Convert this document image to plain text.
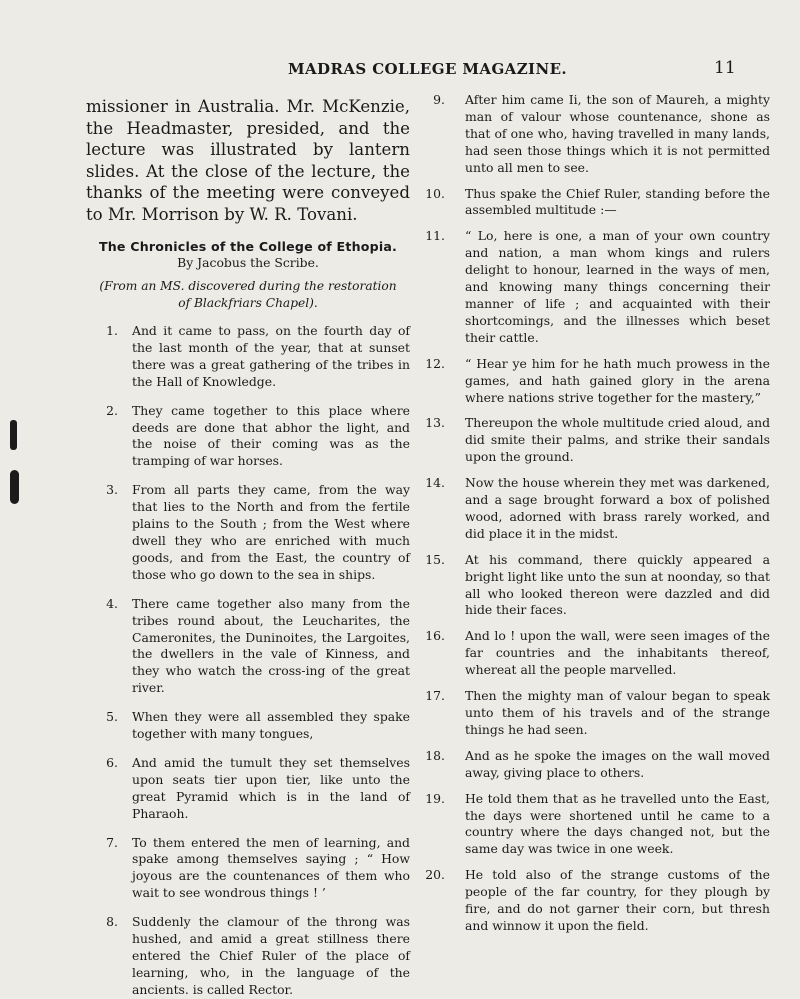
MADRAS COLLEGE MAGAZINE.	11

missioner in Australia. Mr. McKenzie, the Headmaster, presided, and the lecture was illustrated by lantern slides. At the close of the lecture, the thanks of the meeting were conveyed to Mr. Morrison by W. R. Tovani.

The Chronicles of the College of Ethopia.
By Jacobus the Scribe.
(From an MS. discovered during the restoration of Blackfriars Chapel).

1. And it came to pass, on the fourth day of the last month of the year, that at sunset there was a great gathering of the tribes in the Hall of Knowledge.

2. They came together to this place where deeds are done that abhor the light, and the noise of their coming was as the tramping of war horses.

3. From all parts they came, from the way that lies to the North and from the fertile plains to the South ; from the West where dwell they who are enriched with much goods, and from the East, the country of those who go down to the sea in ships.

4. There came together also many from the tribes round about, the Leucharites, the Cameronites, the Duninoites, the Largoites, the dwellers in the vale of Kinness, and they who watch the cross-ing of the great river.

5. When they were all assembled they spake together with many tongues,

6. And amid the tumult they set themselves upon seats tier upon tier, like unto the great Pyramid which is in the land of Pharaoh.

7. To them entered the men of learning, and spake among themselves saying ; “ How joyous are the countenances of them who wait to see wondrous things ! ’

8. Suddenly the clamour of the throng was hushed, and amid a great stillness there entered the Chief Ruler of the place of learning, who, in the language of the ancients. is called Rector.

9. After him came Ii, the son of Maureh, a mighty man of valour whose countenance, shone as that of one who, having travelled in many lands, had seen those things which it is not permitted unto all men to see.

10. Thus spake the Chief Ruler, standing before the assembled multitude :—

11. “ Lo, here is one, a man of your own country and nation, a man whom kings and rulers delight to honour, learned in the ways of men, and knowing many things concerning their manner of life ; and acquainted with their shortcomings, and the illnesses which beset their cattle.

12. “ Hear ye him for he hath much prowess in the games, and hath gained glory in the arena where nations strive together for the mastery,”

13. Thereupon the whole multitude cried aloud, and did smite their palms, and strike their sandals upon the ground.

14. Now the house wherein they met was darkened, and a sage brought forward a box of polished wood, adorned with brass rarely worked, and did place it in the midst.

15. At his command, there quickly appeared a bright light like unto the sun at noonday, so that all who looked thereon were dazzled and did hide their faces.

16. And lo ! upon the wall, were seen images of the far countries and the inhabitants thereof, whereat all the people marvelled.

17. Then the mighty man of valour began to speak unto them of his travels and of the strange things he had seen.

18. And as he spoke the images on the wall moved away, giving place to others.

19. He told them that as he travelled unto the East, the days were shortened until he came to a country where the days changed not, but the same day was twice in one week.

20. He told also of the strange customs of the people of the far country, for they plough by fire, and do not garner their corn, but thresh and winnow it upon the field.
